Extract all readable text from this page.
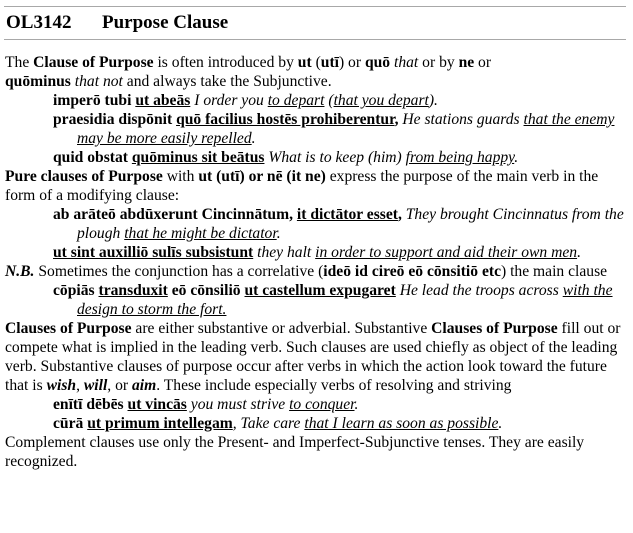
OL3142 Purpose Clause

The Clause of Purpose is often introduced by ut (utī) or quō that or by ne or
quōminus that not and always take the Subjunctive.

imperō tubi ut abeās I order you to depart (that you depart).

praesidia dispōnit quō facilius hostēs prohiberentur, He stations guards that the enemy may be more easily repelled.

quid obstat quōminus sit beātus What is to keep (him) from being happy.

Pure clauses of Purpose with ut (utī) or nē (it ne) express the purpose of the main verb in the form of a modifying clause:

ab arāteō abdūxerunt Cincinnātum, it dictātor esset, They brought Cincinnatus from the plough that he might be dictator.

ut sint auxilliō sulīs subsistunt they halt in order to support and aid their own men.

N.B. Sometimes the conjunction has a correlative (ideō id cireō eō cōnsitiō etc) the main clause

cōpiās transduxit eō cōnsiliō ut castellum expugaret He lead the troops across with the design to storm the fort.

Clauses of Purpose are either substantive or adverbial. Substantive Clauses of Purpose fill out or compete what is implied in the leading verb. Such clauses are used chiefly as object of the leading verb. Substantive clauses of purpose occur after verbs in which the action look toward the future that is wish, will, or aim. These include especially verbs of resolving and striving

enītī dēbēs ut vincās you must strive to conquer.

cūrā ut primum intellegam, Take care that I learn as soon as possible.

Complement clauses use only the Present- and Imperfect-Subjunctive tenses. They are easily recognized.
